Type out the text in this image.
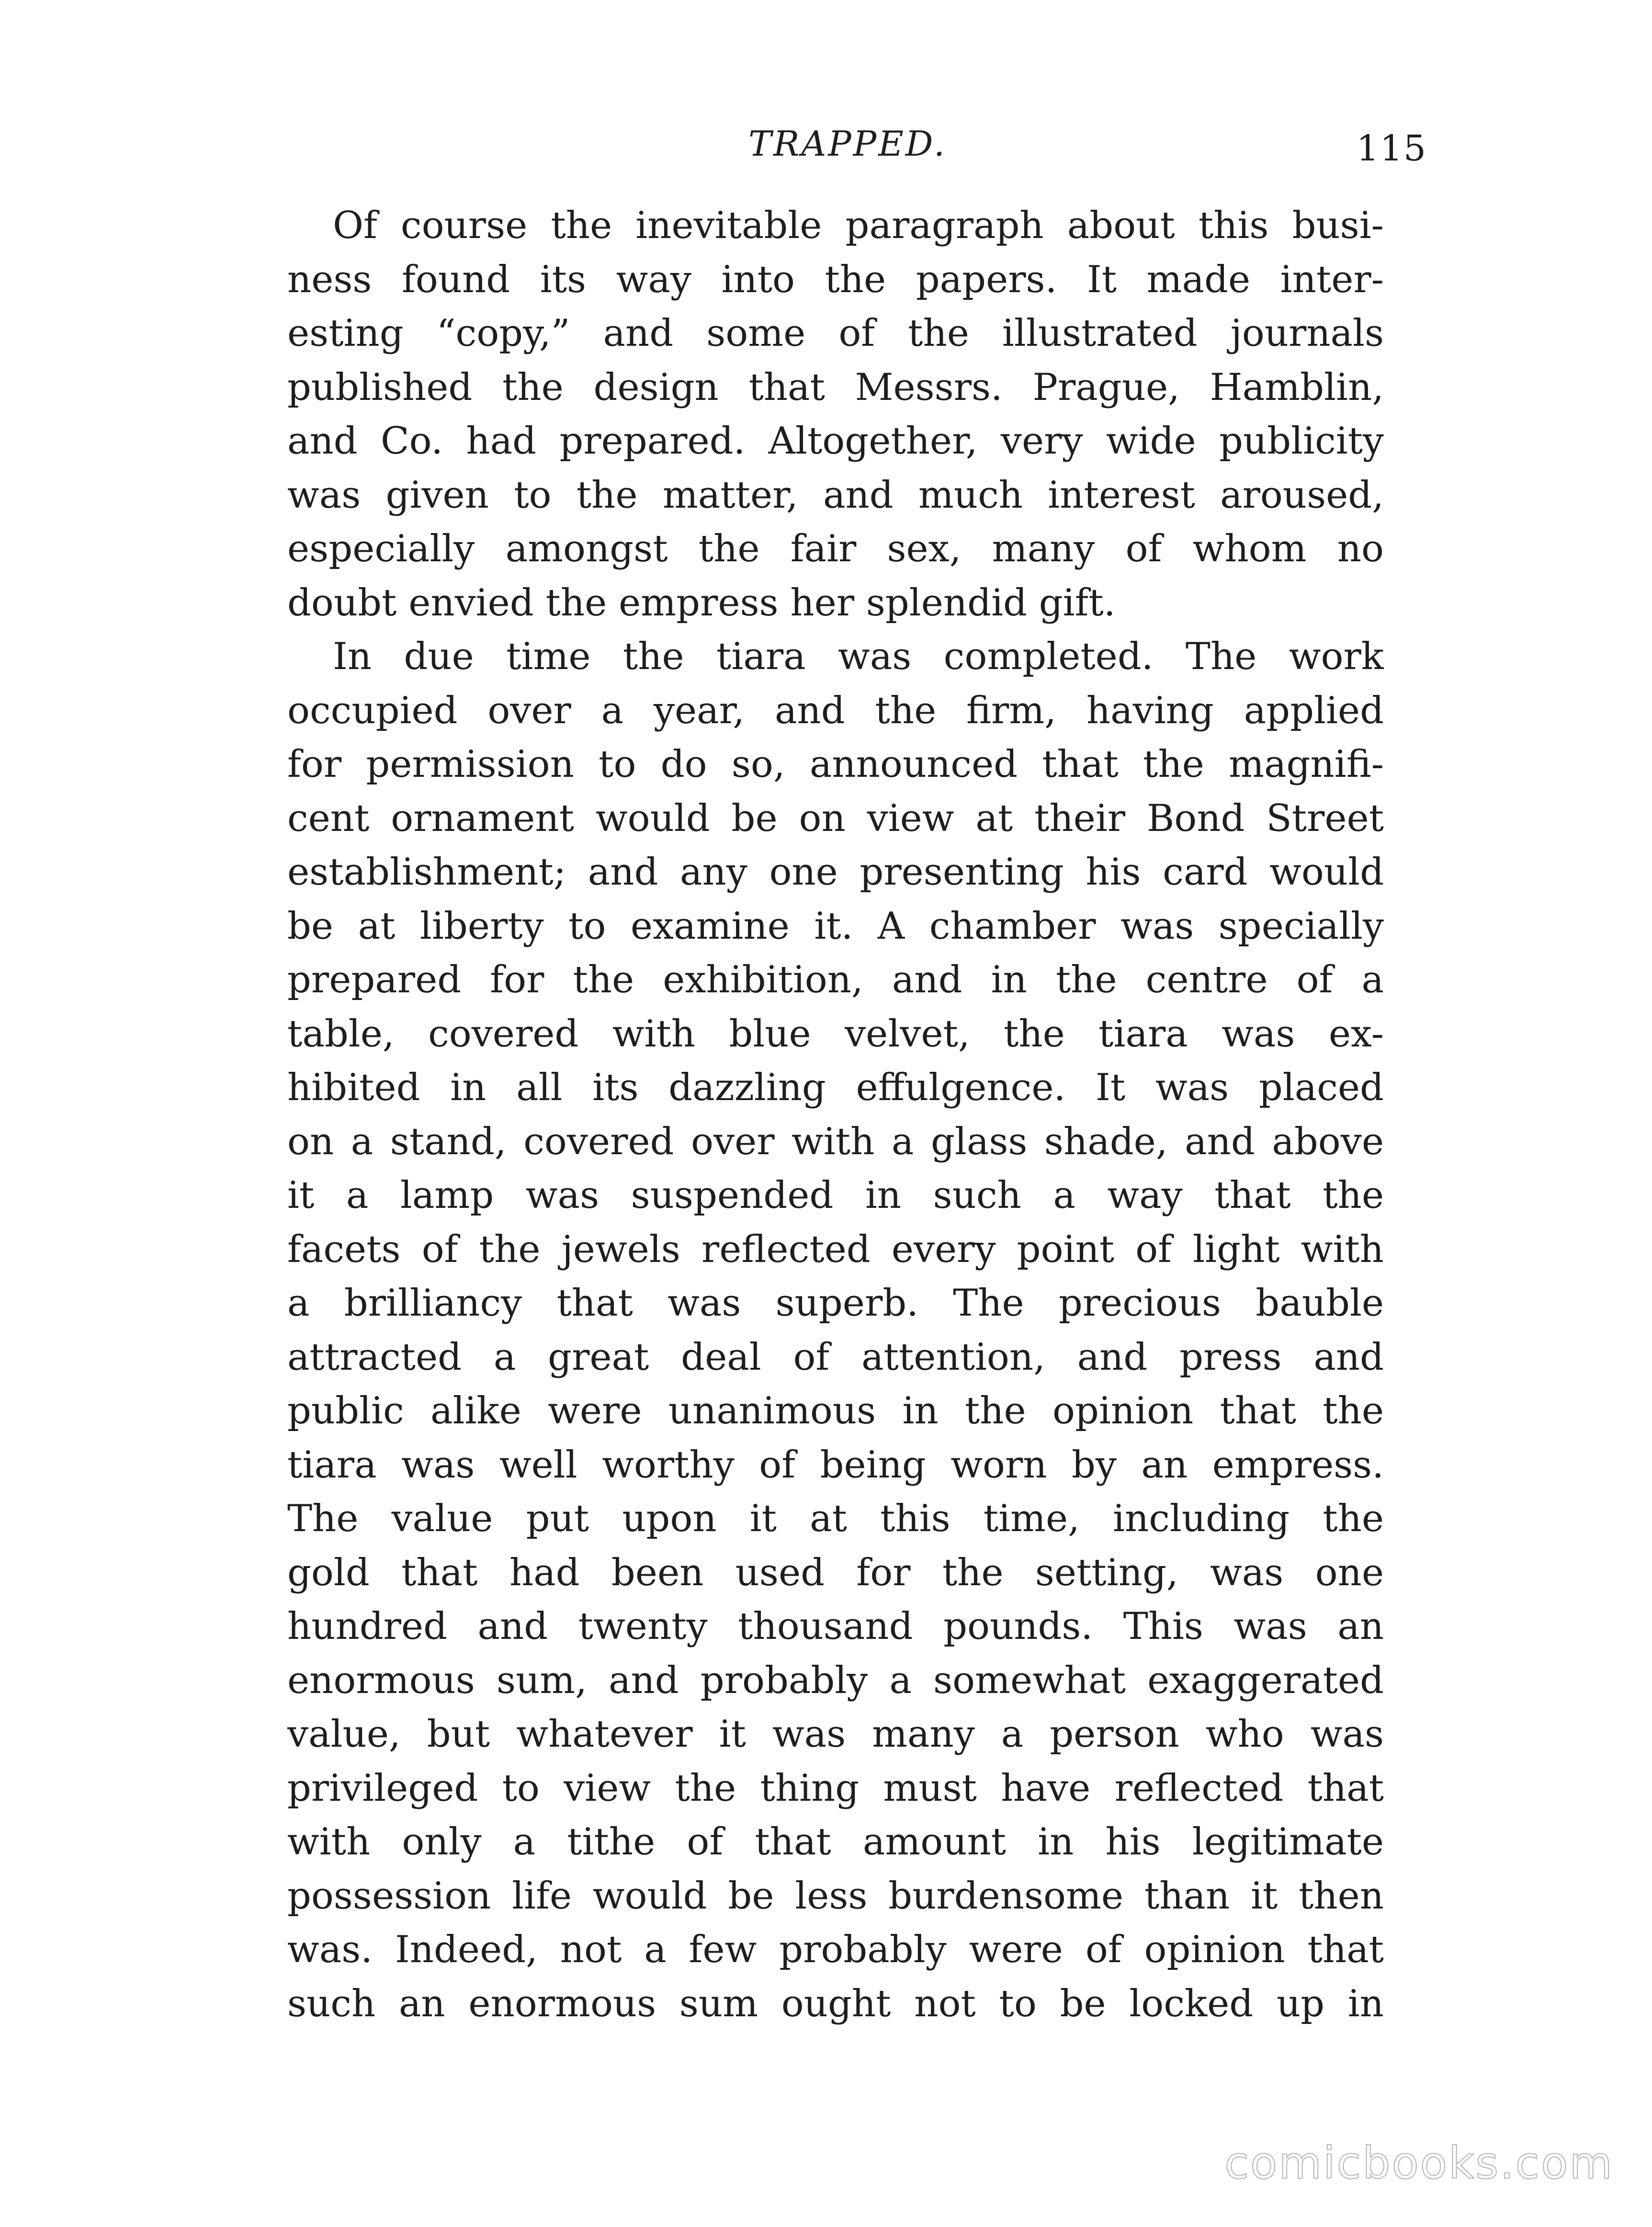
TRAPPED.	115
Of course the inevitable paragraph about this busi-
ness found its way into the papers. It made inter-
esting “copy,” and some of the illustrated journals
published the design that Messrs. Prague, Hamblin,
and Co. had prepared. Altogether, very wide publicity
was given to the matter, and much interest aroused,
especially amongst the fair sex, many of whom no
doubt envied the empress her splendid gift.
In due time the tiara was completed. The work
occupied over a year, and the firm, having applied
for permission to do so, announced that the magnifi-
cent ornament would be on view at their Bond Street
establishment; and any one presenting his card would
be at liberty to examine it. A chamber was specially
prepared for the exhibition, and in the centre of a
table, covered with blue velvet, the tiara was ex-
hibited in all its dazzling effulgence. It was placed
on a stand, covered over with a glass shade, and above
it a lamp was suspended in such a way that the
facets of the jewels reflected every point of light with
a brilliancy that was superb. The precious bauble
attracted a great deal of attention, and press and
public alike were unanimous in the opinion that the
tiara was well worthy of being worn by an empress.
The value put upon it at this time, including the
gold that had been used for the setting, was one
hundred and twenty thousand pounds. This was an
enormous sum, and probably a somewhat exaggerated
value, but whatever it was many a person who was
privileged to view the thing must have reflected that
with only a tithe of that amount in his legitimate
possession life would be less burdensome than it then
was. Indeed, not a few probably were of opinion that
such an enormous sum ought not to be locked up in
comicbooks.com
